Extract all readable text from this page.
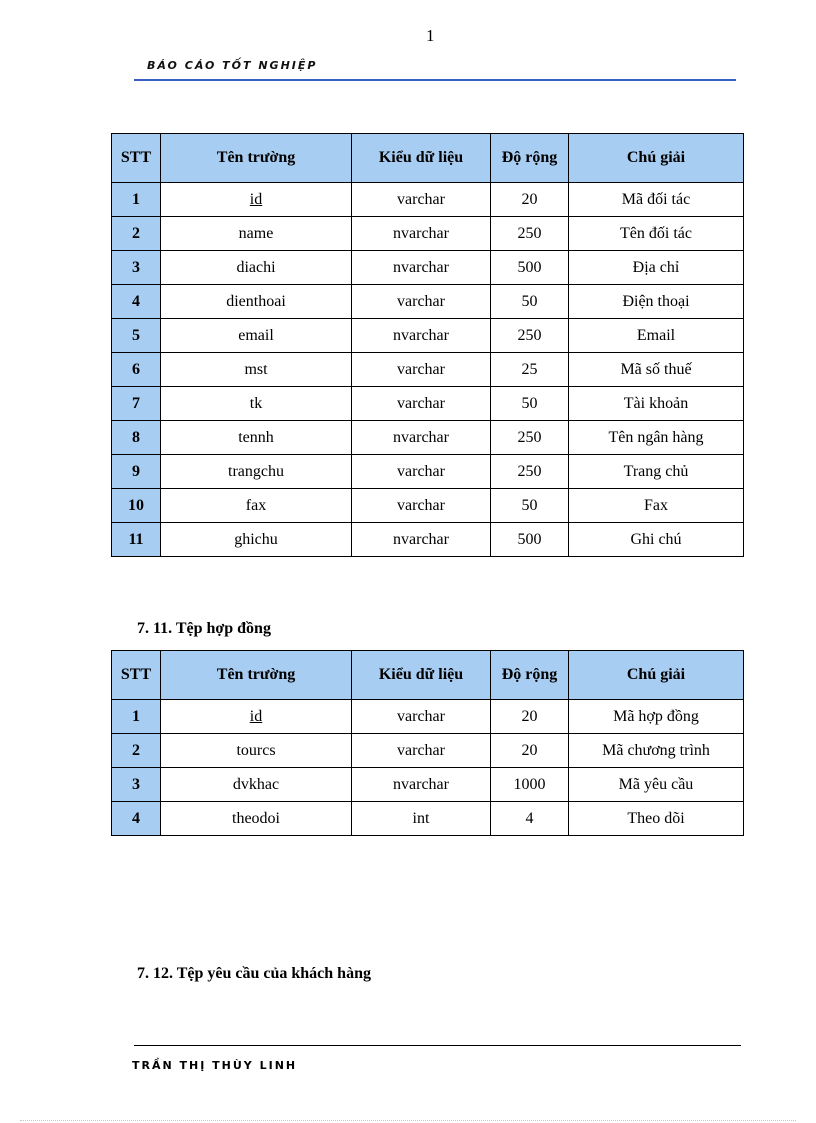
1
BÁO CÁO TỐT NGHIỆP
STT	Tên trường	Kiểu dữ liệu	Độ rộng	Chú giải
1	id	varchar	20	Mã đối tác
2	name	nvarchar	250	Tên đối tác
3	diachi	nvarchar	500	Địa chỉ
4	dienthoai	varchar	50	Điện thoại
5	email	nvarchar	250	Email
6	mst	varchar	25	Mã số thuế
7	tk	varchar	50	Tài khoản
8	tennh	nvarchar	250	Tên ngân hàng
9	trangchu	varchar	250	Trang chủ
10	fax	varchar	50	Fax
11	ghichu	nvarchar	500	Ghi chú
7. 11. Tệp hợp đồng
STT	Tên trường	Kiểu dữ liệu	Độ rộng	Chú giải
1	id	varchar	20	Mã hợp đồng
2	tourcs	varchar	20	Mã chương trình
3	dvkhac	nvarchar	1000	Mã yêu cầu
4	theodoi	int	4	Theo dõi
7. 12. Tệp yêu cầu của khách hàng
TRẦN THỊ THÙY LINH
